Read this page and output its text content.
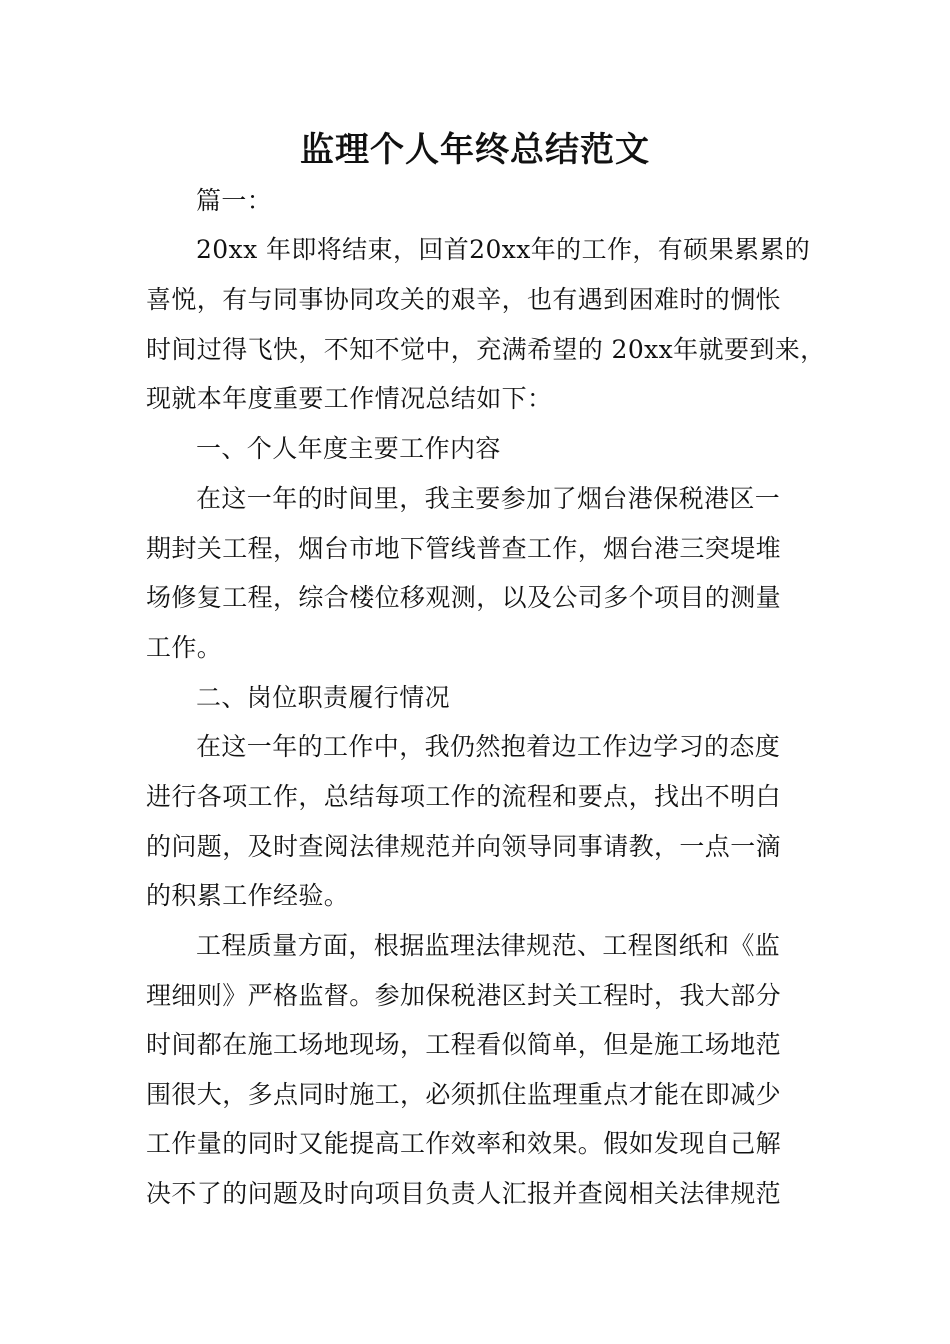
监理个人年终总结范文
篇一：
20xx 年即将结束，回首20xx年的工作，有硕果累累的
喜悦，有与同事协同攻关的艰辛，也有遇到困难时的惆怅
时间过得飞快，不知不觉中，充满希望的 20xx年就要到来，
现就本年度重要工作情况总结如下：
一、个人年度主要工作内容
在这一年的时间里，我主要参加了烟台港保税港区一
期封关工程，烟台市地下管线普查工作，烟台港三突堤堆
场修复工程，综合楼位移观测，以及公司多个项目的测量
工作。
二、岗位职责履行情况
在这一年的工作中，我仍然抱着边工作边学习的态度
进行各项工作，总结每项工作的流程和要点，找出不明白
的问题，及时查阅法律规范并向领导同事请教，一点一滴
的积累工作经验。
工程质量方面，根据监理法律规范、工程图纸和《监
理细则》严格监督。参加保税港区封关工程时，我大部分
时间都在施工场地现场，工程看似简单，但是施工场地范
围很大，多点同时施工，必须抓住监理重点才能在即减少
工作量的同时又能提高工作效率和效果。假如发现自己解
决不了的问题及时向项目负责人汇报并查阅相关法律规范
